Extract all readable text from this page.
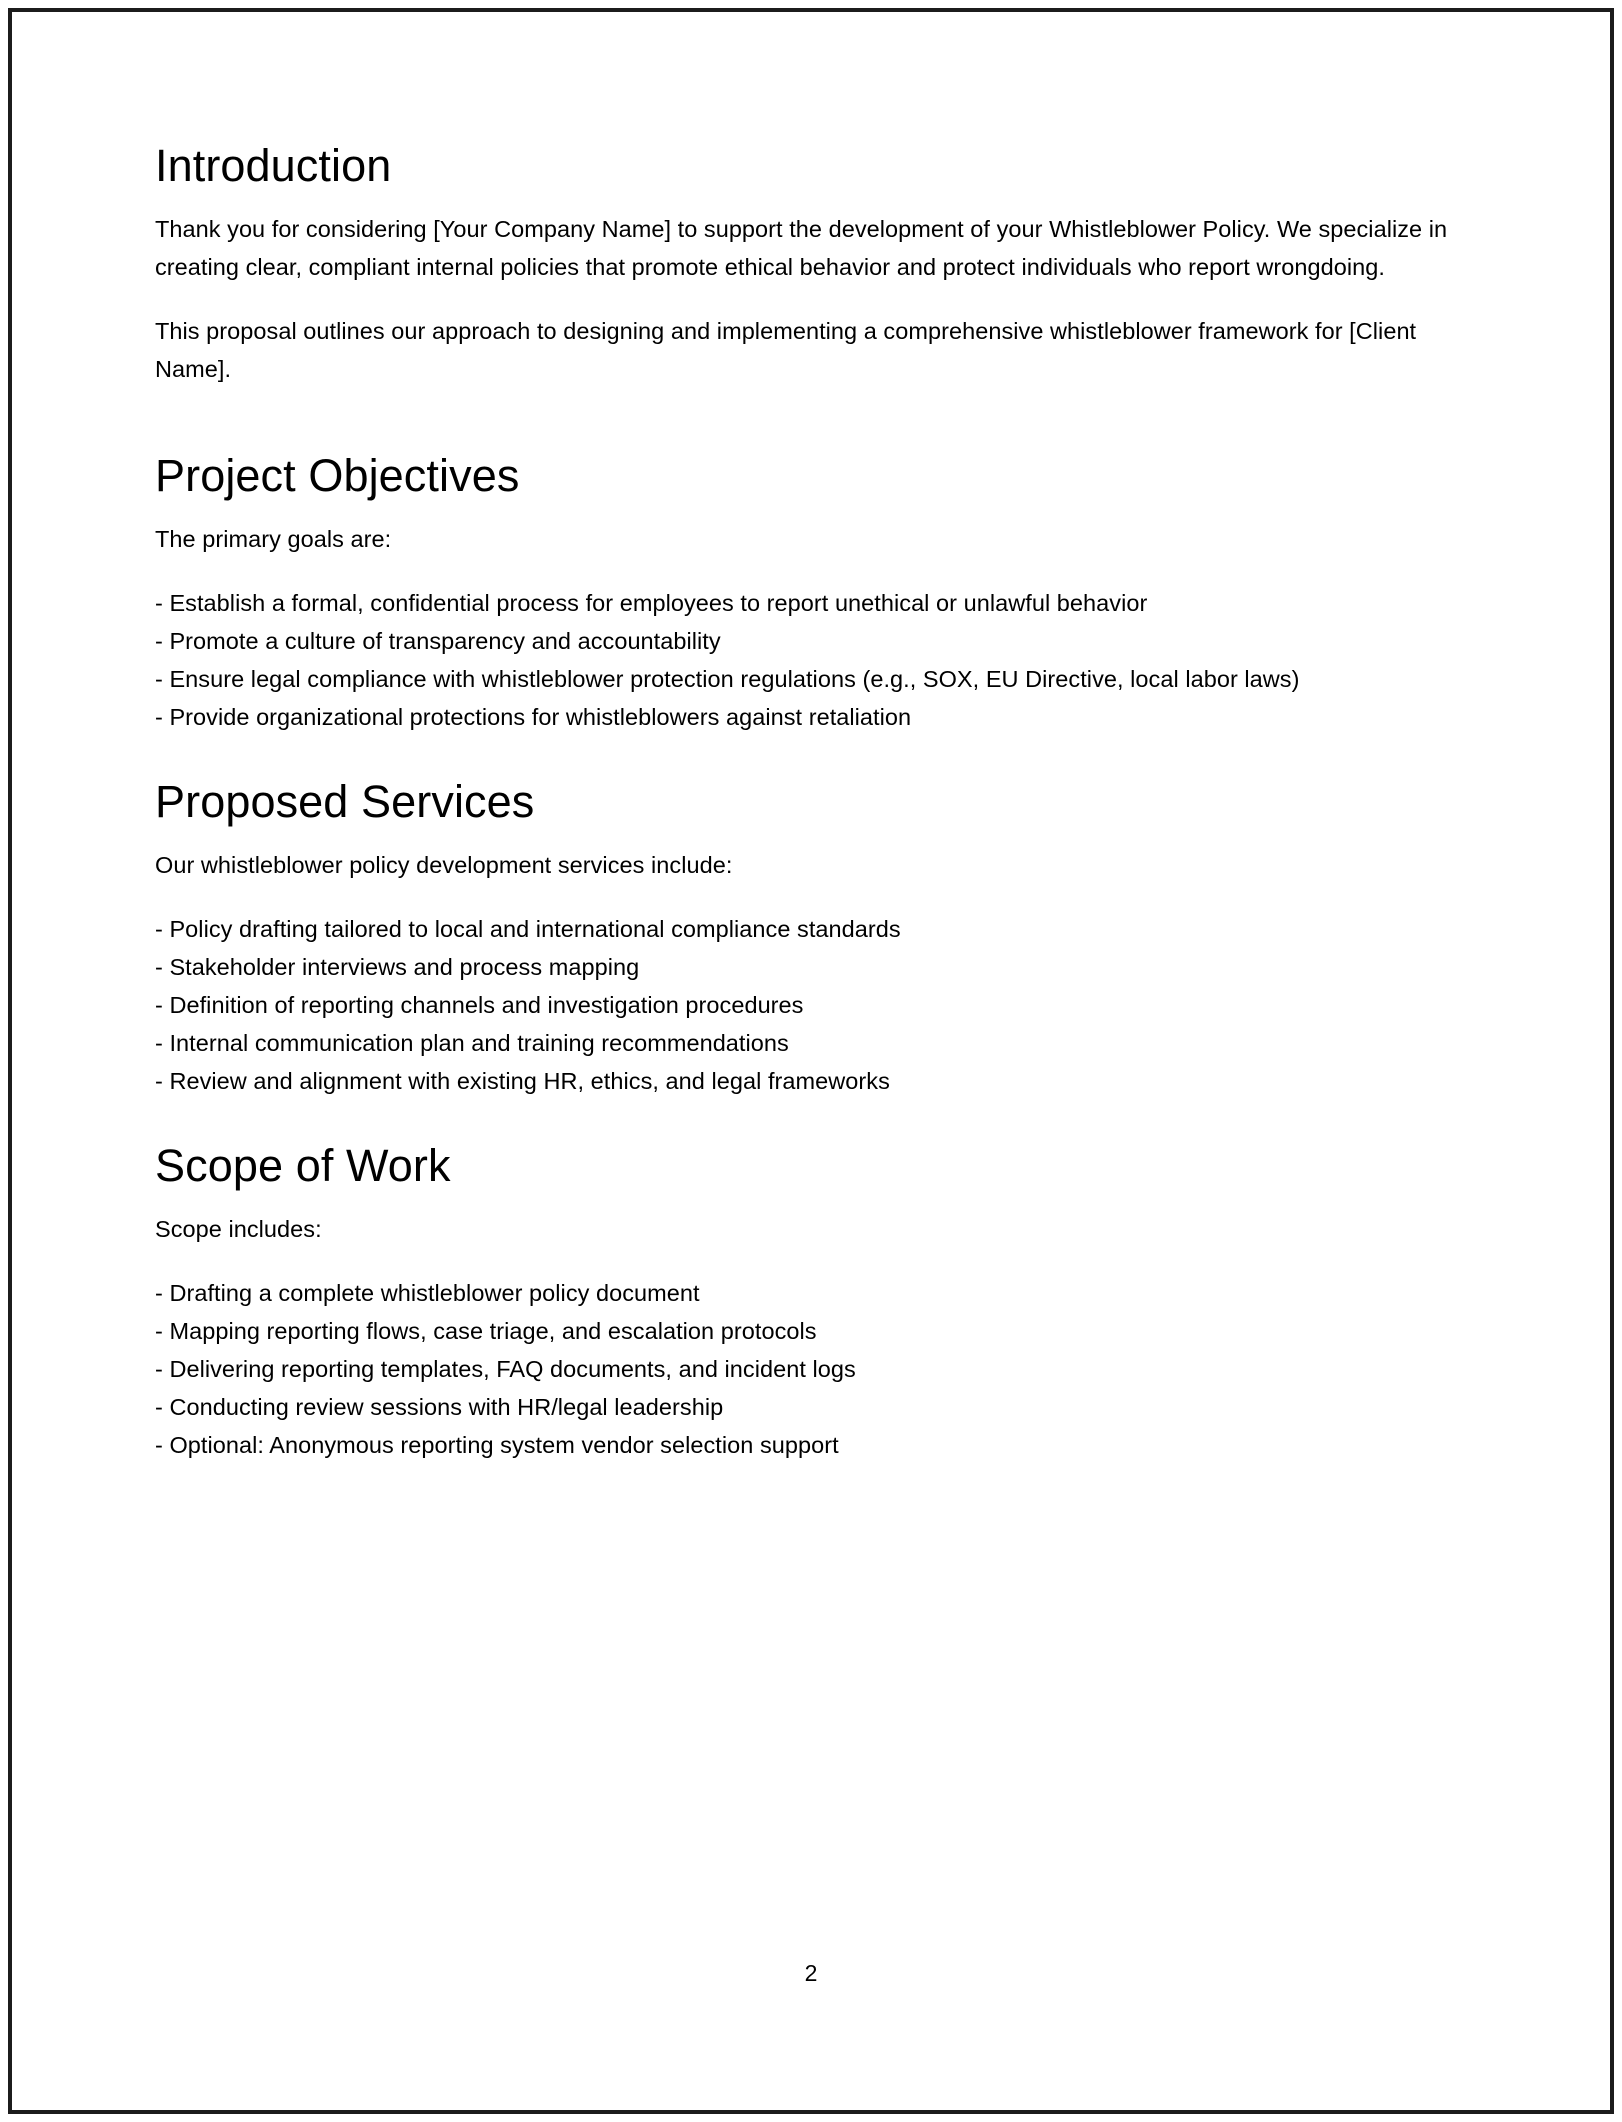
Introduction

Thank you for considering [Your Company Name] to support the development of your Whistleblower Policy. We specialize in creating clear, compliant internal policies that promote ethical behavior and protect individuals who report wrongdoing.

This proposal outlines our approach to designing and implementing a comprehensive whistleblower framework for [Client Name].

Project Objectives

The primary goals are:

- Establish a formal, confidential process for employees to report unethical or unlawful behavior
- Promote a culture of transparency and accountability
- Ensure legal compliance with whistleblower protection regulations (e.g., SOX, EU Directive, local labor laws)
- Provide organizational protections for whistleblowers against retaliation
Proposed Services

Our whistleblower policy development services include:

- Policy drafting tailored to local and international compliance standards
- Stakeholder interviews and process mapping
- Definition of reporting channels and investigation procedures
- Internal communication plan and training recommendations
- Review and alignment with existing HR, ethics, and legal frameworks
Scope of Work

Scope includes:

- Drafting a complete whistleblower policy document
- Mapping reporting flows, case triage, and escalation protocols
- Delivering reporting templates, FAQ documents, and incident logs
- Conducting review sessions with HR/legal leadership
- Optional: Anonymous reporting system vendor selection support
2
